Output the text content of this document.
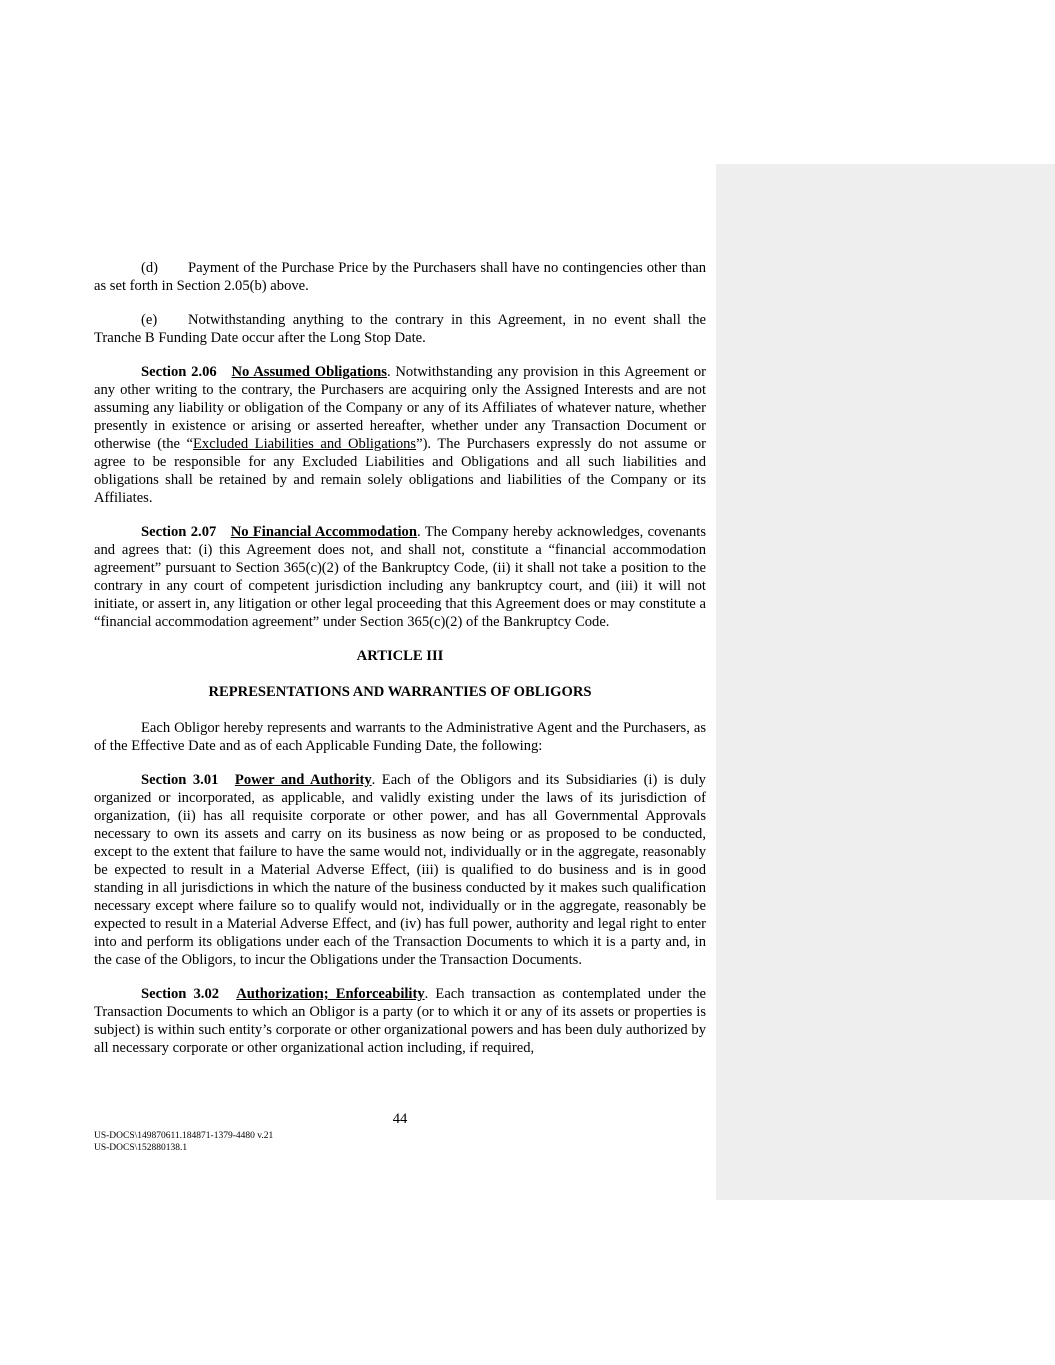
(d) Payment of the Purchase Price by the Purchasers shall have no contingencies other than as set forth in Section 2.05(b) above.

(e) Notwithstanding anything to the contrary in this Agreement, in no event shall the Tranche B Funding Date occur after the Long Stop Date.

Section 2.06 No Assumed Obligations. Notwithstanding any provision in this Agreement or any other writing to the contrary, the Purchasers are acquiring only the Assigned Interests and are not assuming any liability or obligation of the Company or any of its Affiliates of whatever nature, whether presently in existence or arising or asserted hereafter, whether under any Transaction Document or otherwise (the “Excluded Liabilities and Obligations”). The Purchasers expressly do not assume or agree to be responsible for any Excluded Liabilities and Obligations and all such liabilities and obligations shall be retained by and remain solely obligations and liabilities of the Company or its Affiliates.

Section 2.07 No Financial Accommodation. The Company hereby acknowledges, covenants and agrees that: (i) this Agreement does not, and shall not, constitute a “financial accommodation agreement” pursuant to Section 365(c)(2) of the Bankruptcy Code, (ii) it shall not take a position to the contrary in any court of competent jurisdiction including any bankruptcy court, and (iii) it will not initiate, or assert in, any litigation or other legal proceeding that this Agreement does or may constitute a “financial accommodation agreement” under Section 365(c)(2) of the Bankruptcy Code.

ARTICLE III
REPRESENTATIONS AND WARRANTIES OF OBLIGORS

Each Obligor hereby represents and warrants to the Administrative Agent and the Purchasers, as of the Effective Date and as of each Applicable Funding Date, the following:

Section 3.01 Power and Authority. Each of the Obligors and its Subsidiaries (i) is duly organized or incorporated, as applicable, and validly existing under the laws of its jurisdiction of organization, (ii) has all requisite corporate or other power, and has all Governmental Approvals necessary to own its assets and carry on its business as now being or as proposed to be conducted, except to the extent that failure to have the same would not, individually or in the aggregate, reasonably be expected to result in a Material Adverse Effect, (iii) is qualified to do business and is in good standing in all jurisdictions in which the nature of the business conducted by it makes such qualification necessary except where failure so to qualify would not, individually or in the aggregate, reasonably be expected to result in a Material Adverse Effect, and (iv) has full power, authority and legal right to enter into and perform its obligations under each of the Transaction Documents to which it is a party and, in the case of the Obligors, to incur the Obligations under the Transaction Documents.

Section 3.02 Authorization; Enforceability. Each transaction as contemplated under the Transaction Documents to which an Obligor is a party (or to which it or any of its assets or properties is subject) is within such entity’s corporate or other organizational powers and has been duly authorized by all necessary corporate or other organizational action including, if required,

44
US-DOCS\149870611.184871-1379-4480 v.21
US-DOCS\152880138.1
